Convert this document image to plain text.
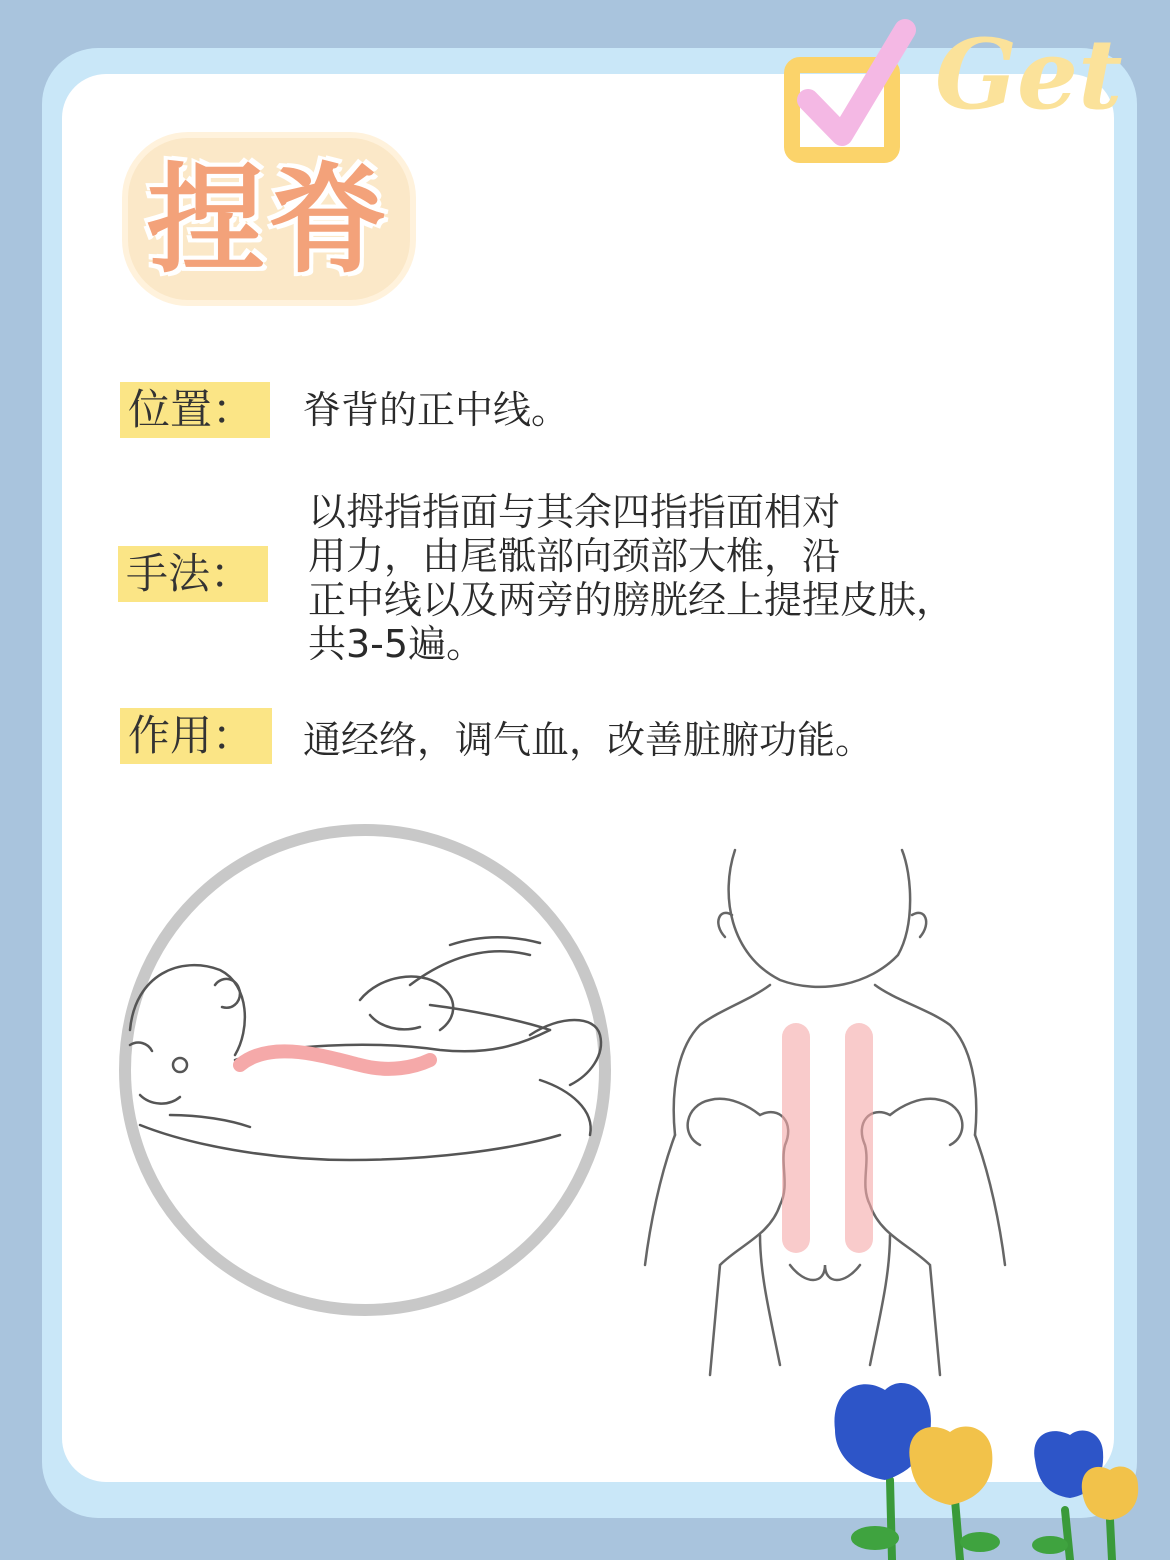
Get
捏脊
位置：	脊背的正中线。
手法：
以拇指指面与其余四指指面相对
用力，由尾骶部向颈部大椎，沿
正中线以及两旁的膀胱经上提捏皮肤，
共3-5遍。
作用：	通经络，调气血，改善脏腑功能。
